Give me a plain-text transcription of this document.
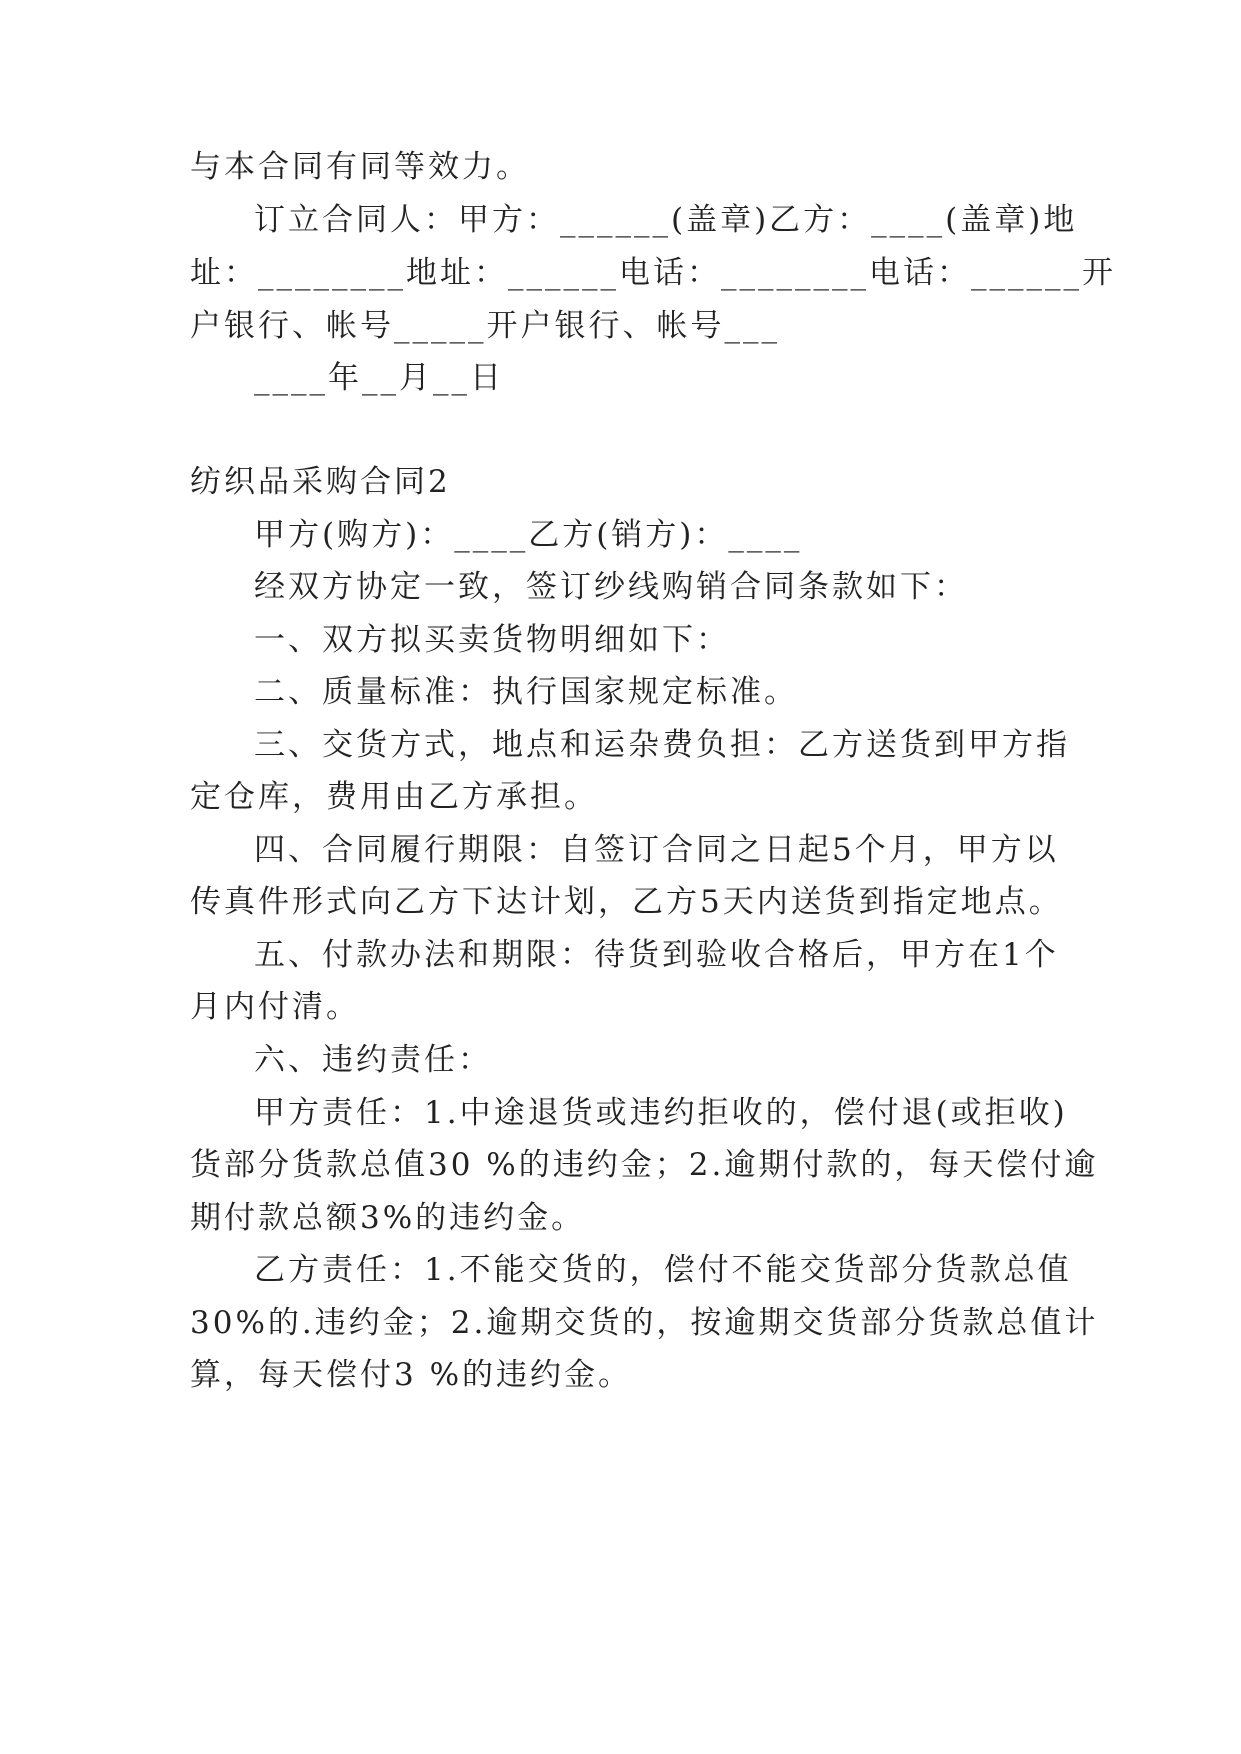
与本合同有同等效力。
订立合同人：甲方：______(盖章)乙方：____(盖章)地
址：________地址：______电话：________电话：______开
户银行、帐号_____开户银行、帐号___
____年__月__日
纺织品采购合同2
甲方(购方)：____乙方(销方)：____
经双方协定一致，签订纱线购销合同条款如下：
一、双方拟买卖货物明细如下：
二、质量标准：执行国家规定标准。
三、交货方式，地点和运杂费负担：乙方送货到甲方指
定仓库，费用由乙方承担。
四、合同履行期限：自签订合同之日起5个月，甲方以
传真件形式向乙方下达计划，乙方5天内送货到指定地点。
五、付款办法和期限：待货到验收合格后，甲方在1个
月内付清。
六、违约责任：
甲方责任：1.中途退货或违约拒收的，偿付退(或拒收)
货部分货款总值30 %的违约金；2.逾期付款的，每天偿付逾
期付款总额3%的违约金。
乙方责任：1.不能交货的，偿付不能交货部分货款总值
30%的.违约金；2.逾期交货的，按逾期交货部分货款总值计
算，每天偿付3 %的违约金。
